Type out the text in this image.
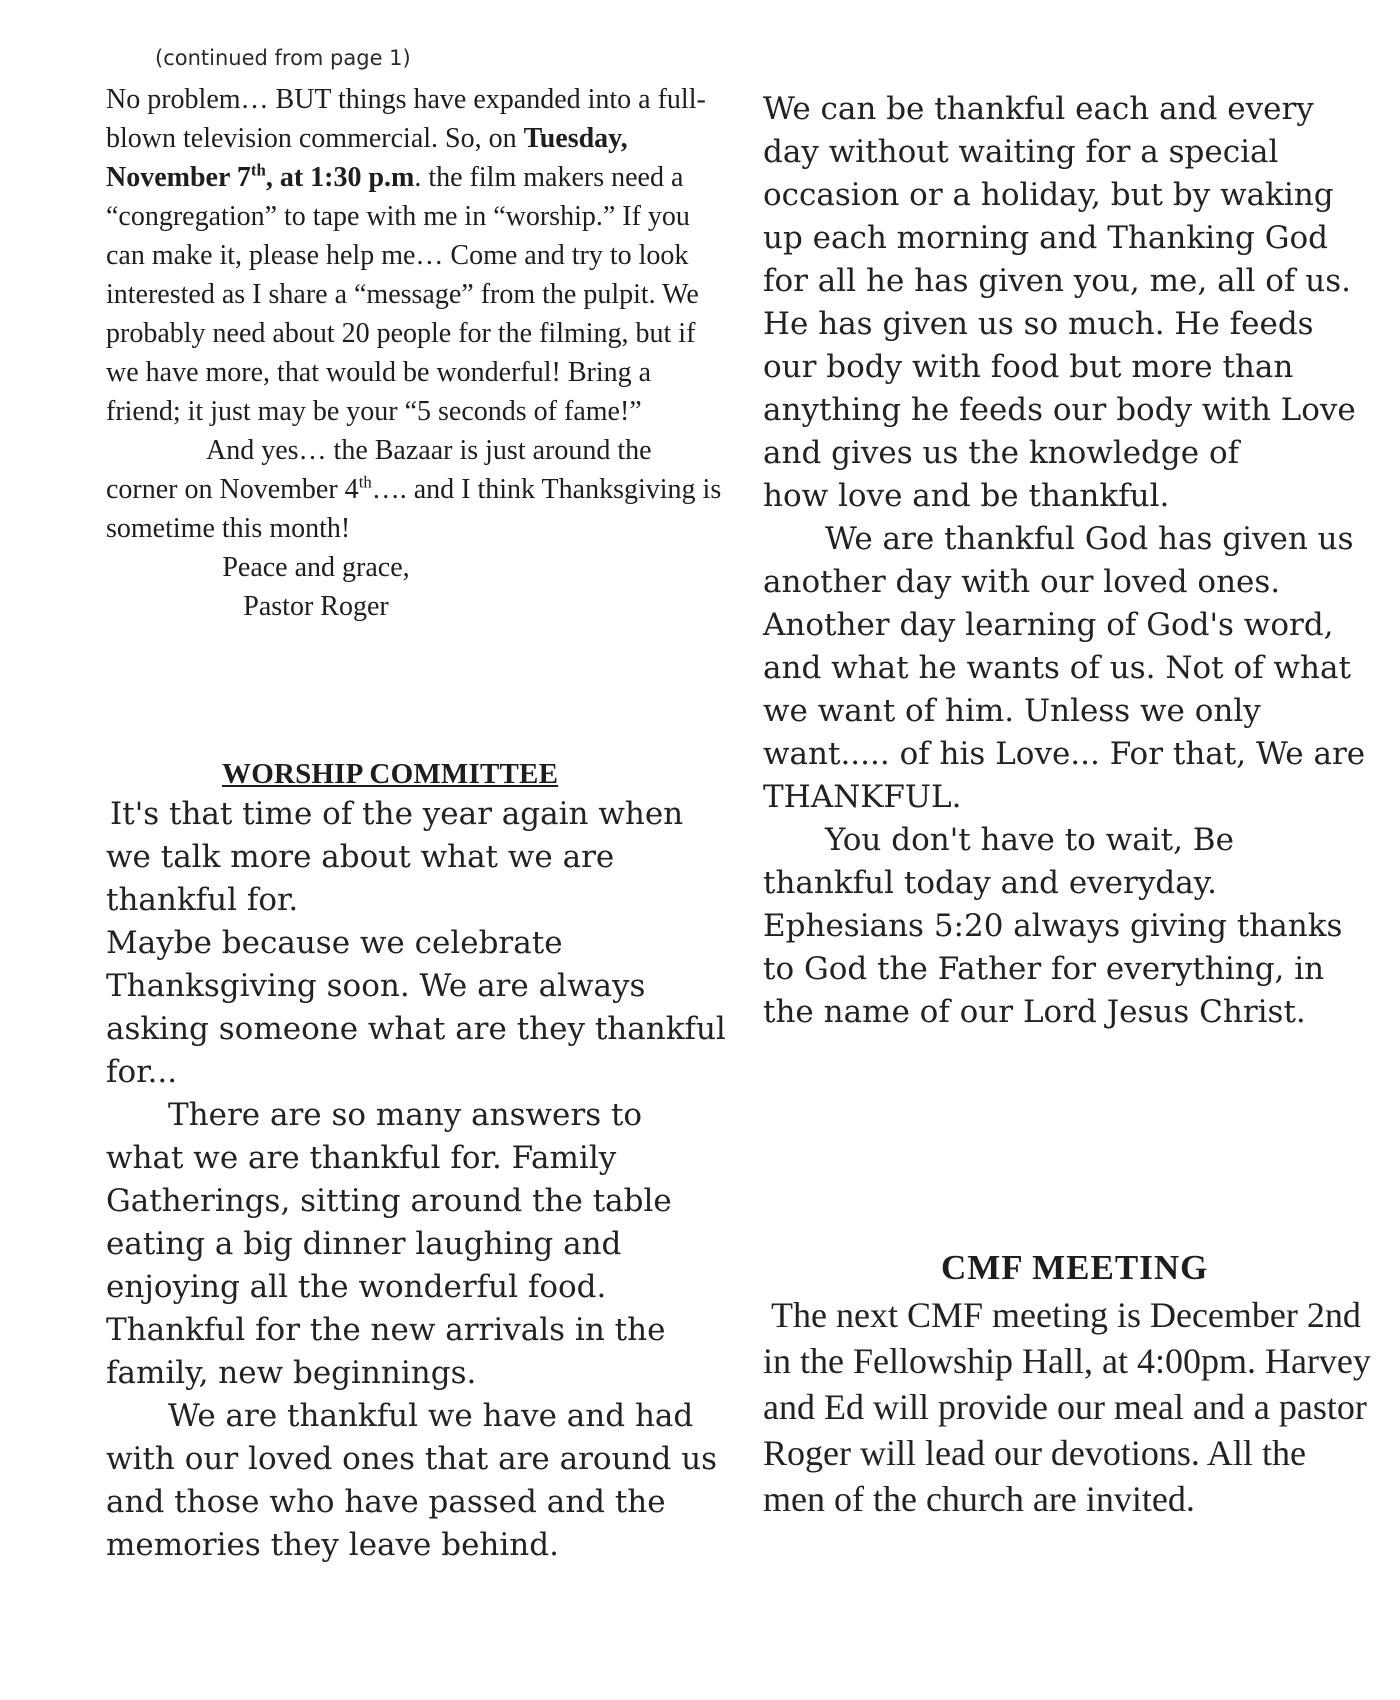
(continued from page 1)

No problem… BUT things have expanded into a full-blown television commercial. So, on Tuesday, November 7th, at 1:30 p.m. the film makers need a “congregation” to tape with me in “worship.” If you can make it, please help me… Come and try to look interested as I share a “message” from the pulpit. We probably need about 20 people for the filming, but if we have more, that would be wonderful! Bring a friend; it just may be your “5 seconds of fame!”

And yes… the Bazaar is just around the corner on November 4th…. and I think Thanksgiving is sometime this month!

Peace and grace,

Pastor Roger

WORSHIP COMMITTEE

It's that time of the year again when we talk more about what we are thankful for.

Maybe because we celebrate Thanksgiving soon. We are always asking someone what are they thankful for...

There are so many answers to what we are thankful for. Family Gatherings, sitting around the table eating a big dinner laughing and enjoying all the wonderful food. Thankful for the new arrivals in the family, new beginnings.

We are thankful we have and had with our loved ones that are around us and those who have passed and the memories they leave behind.

We can be thankful each and every day without waiting for a special occasion or a holiday, but by waking up each morning and Thanking God for all he has given you, me, all of us. He has given us so much. He feeds our body with food but more than anything he feeds our body with Love and gives us the knowledge of

how love and be thankful.

We are thankful God has given us another day with our loved ones. Another day learning of God's word, and what he wants of us. Not of what we want of him. Unless we only want..... of his Love... For that, We are THANKFUL.

You don't have to wait, Be thankful today and everyday. Ephesians 5:20 always giving thanks to God the Father for everything, in the name of our Lord Jesus Christ.

CMF MEETING

The next CMF meeting is December 2nd in the Fellowship Hall, at 4:00pm. Harvey and Ed will provide our meal and a pastor Roger will lead our devotions. All the men of the church are invited.
